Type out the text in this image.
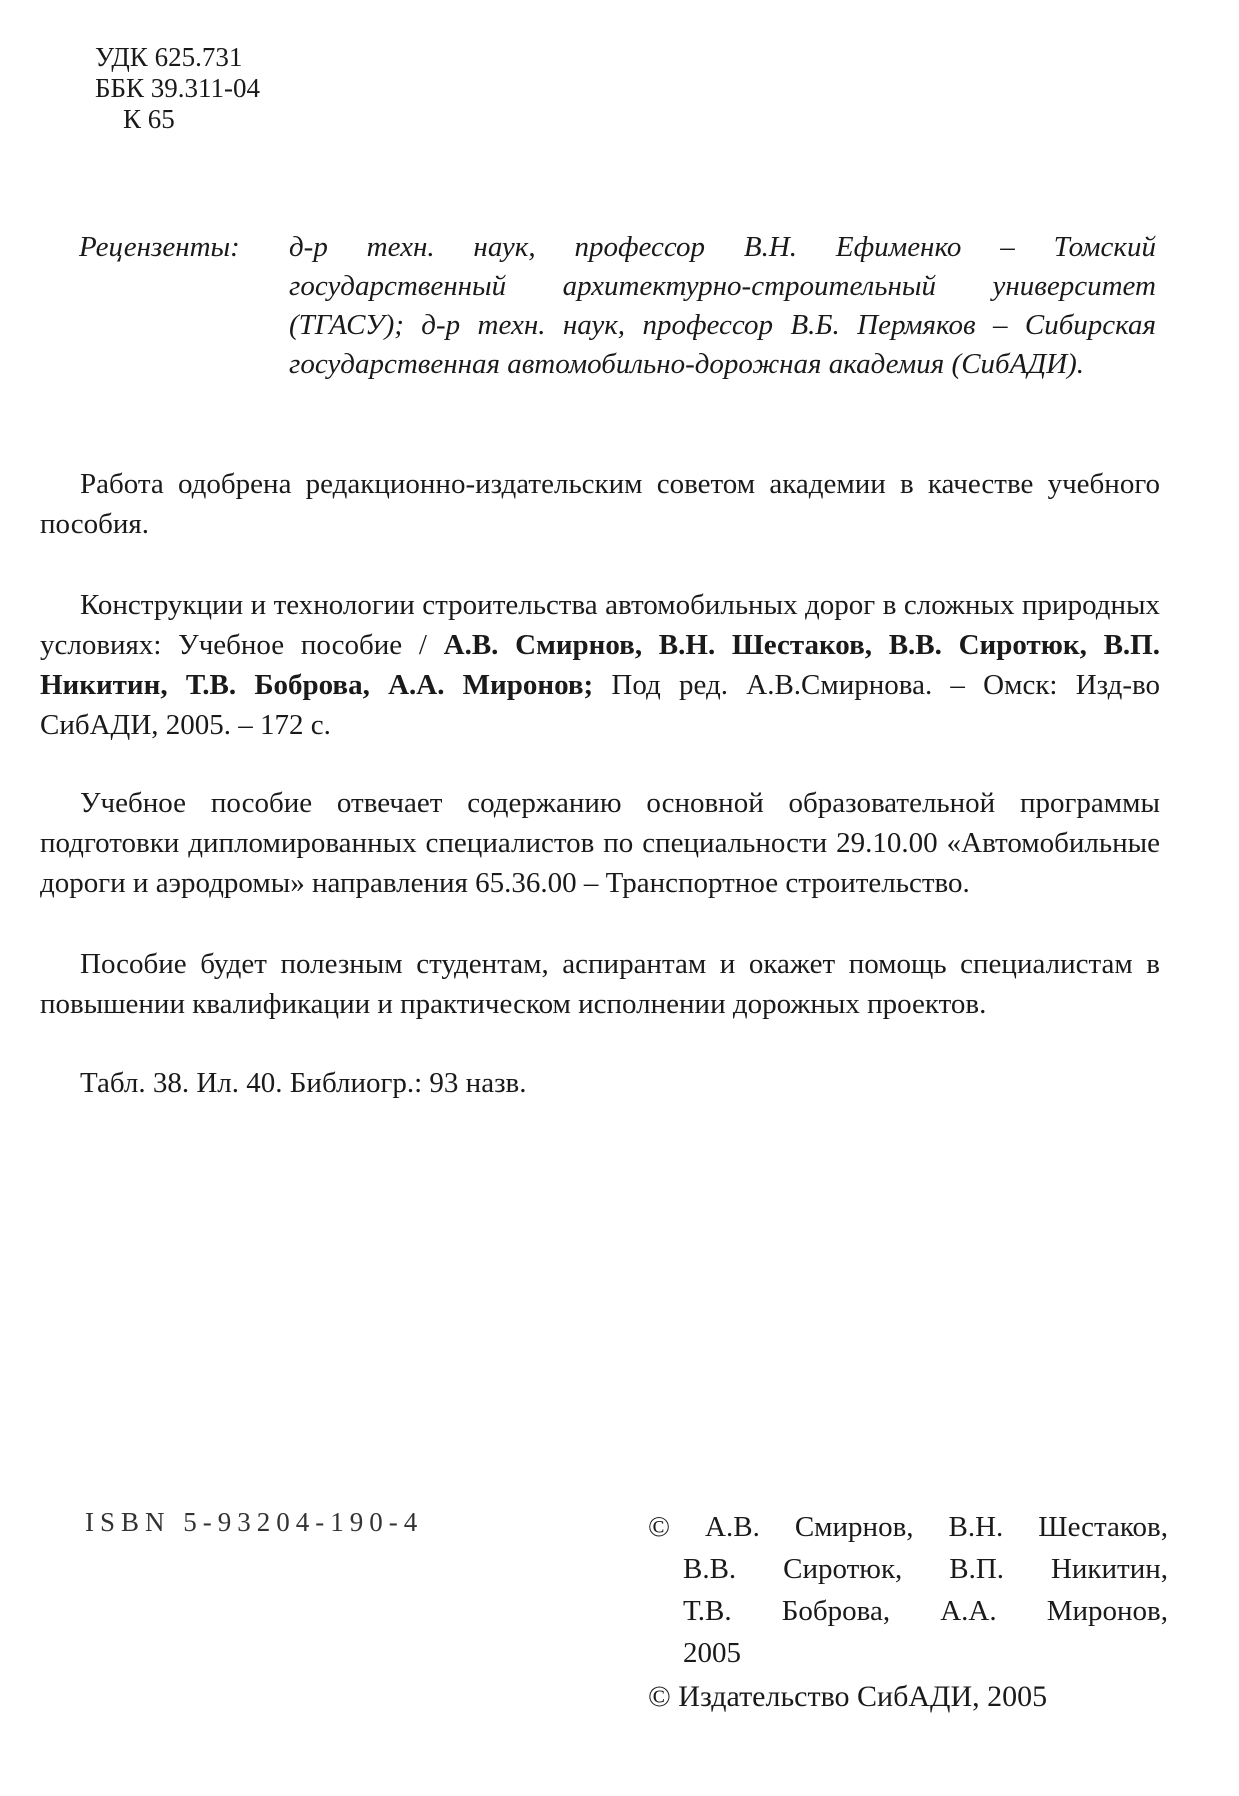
УДК 625.731
ББК 39.311-04
К 65
Рецензенты: д-р техн. наук, профессор В.Н. Ефименко – Томский государственный архитектурно-строительный университет (ТГАСУ); д-р техн. наук, профессор В.Б. Пермяков – Сибирская государственная автомобильно-дорожная академия (СибАДИ).

Работа одобрена редакционно-издательским советом академии в качестве учебного пособия.

Конструкции и технологии строительства автомобильных дорог в сложных природных условиях: Учебное пособие / А.В. Смирнов, В.Н. Шестаков, В.В. Сиротюк, В.П. Никитин, Т.В. Боброва, А.А. Миронов; Под ред. А.В.Смирнова. – Омск: Изд-во СибАДИ, 2005. – 172 с.

Учебное пособие отвечает содержанию основной образовательной программы подготовки дипломированных специалистов по специальности 29.10.00 «Автомобильные дороги и аэродромы» направления 65.36.00 – Транспортное строительство.

Пособие будет полезным студентам, аспирантам и окажет помощь специалистам в повышении квалификации и практическом исполнении дорожных проектов.

Табл. 38. Ил. 40. Библиогр.: 93 назв.

ISBN 5-93204-190-4	© А.В. Смирнов, В.Н. Шестаков,
В.В. Сиротюк, В.П. Никитин,
Т.В. Боброва, А.А. Миронов,
2005
© Издательство СибАДИ, 2005
